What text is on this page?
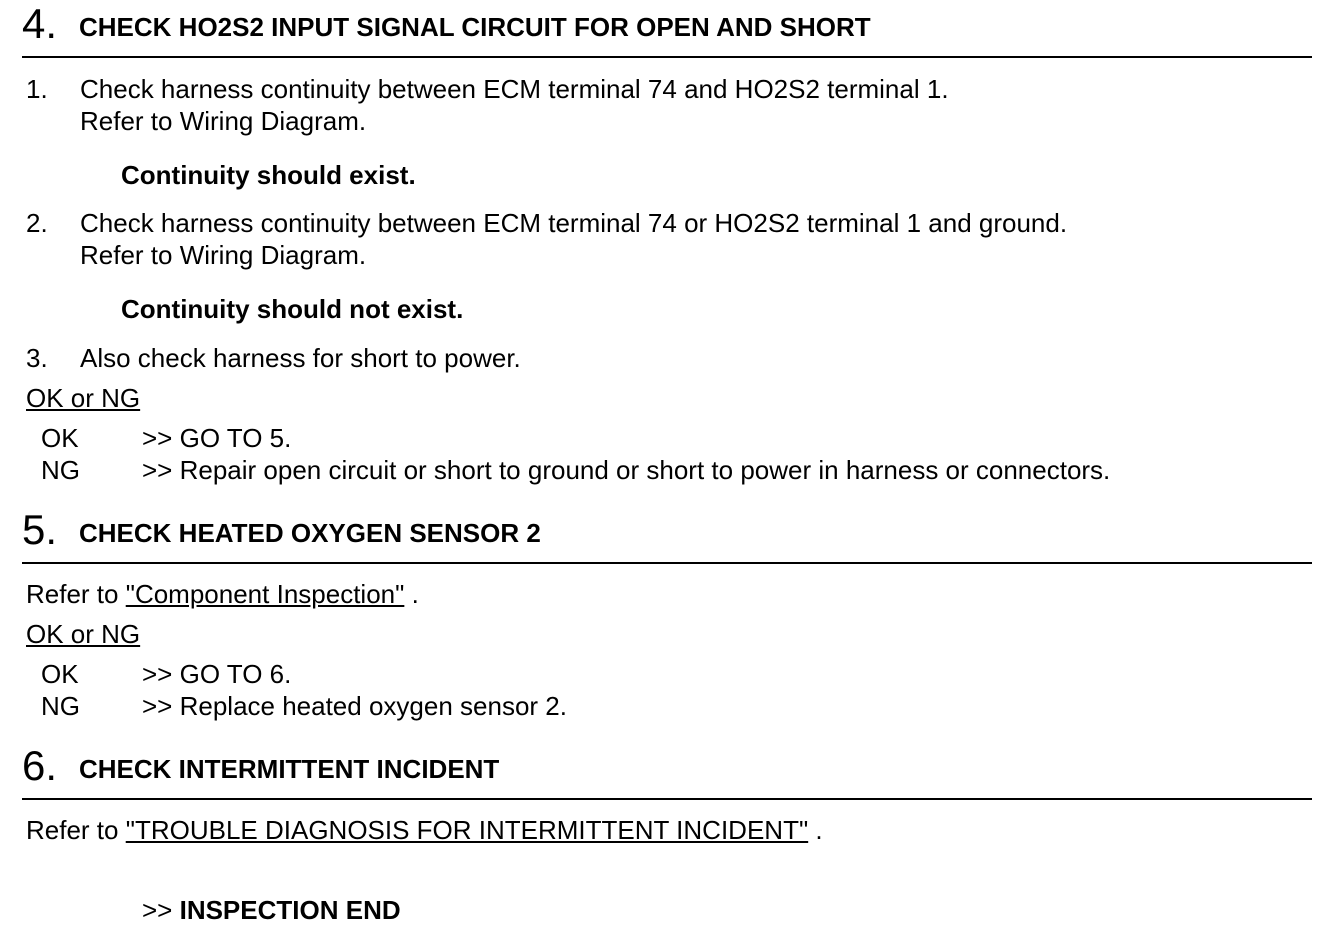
4. CHECK HO2S2 INPUT SIGNAL CIRCUIT FOR OPEN AND SHORT
1. Check harness continuity between ECM terminal 74 and HO2S2 terminal 1.
Refer to Wiring Diagram.
Continuity should exist.
2. Check harness continuity between ECM terminal 74 or HO2S2 terminal 1 and ground.
Refer to Wiring Diagram.
Continuity should not exist.
3. Also check harness for short to power.
OK or NG
OK >> GO TO 5.
NG >> Repair open circuit or short to ground or short to power in harness or connectors.
5. CHECK HEATED OXYGEN SENSOR 2
Refer to "Component Inspection" .
OK or NG
OK >> GO TO 6.
NG >> Replace heated oxygen sensor 2.
6. CHECK INTERMITTENT INCIDENT
Refer to "TROUBLE DIAGNOSIS FOR INTERMITTENT INCIDENT" .
>> INSPECTION END
